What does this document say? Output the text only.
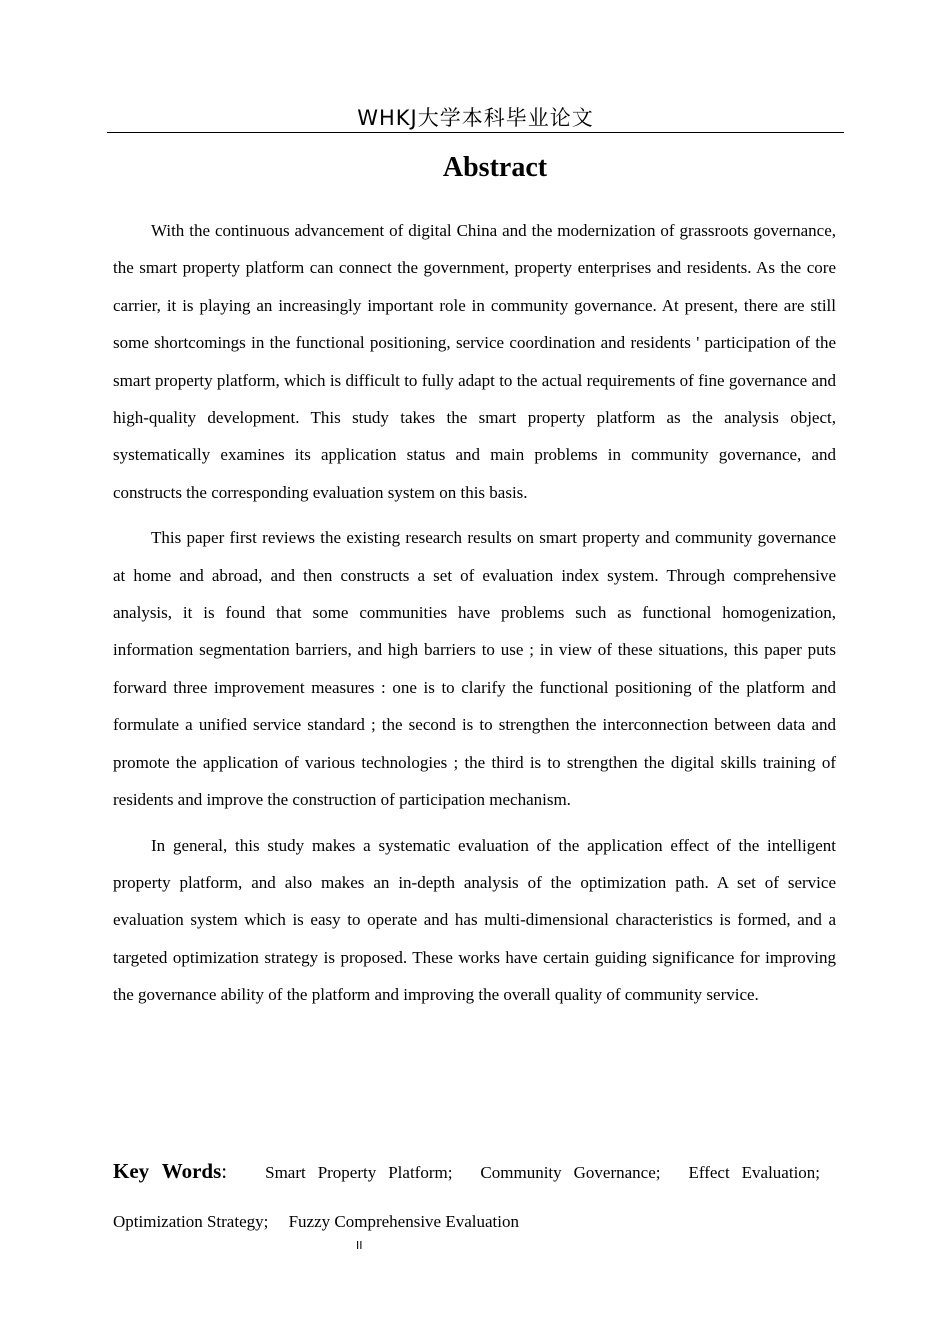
WHKJ大学本科毕业论文
Abstract

With the continuous advancement of digital China and the modernization of grassroots governance, the smart property platform can connect the government, property enterprises and residents. As the core carrier, it is playing an increasingly important role in community governance. At present, there are still some shortcomings in the functional positioning, service coordination and residents ' participation of the smart property platform, which is difficult to fully adapt to the actual requirements of fine governance and high-quality development. This study takes the smart property platform as the analysis object, systematically examines its application status and main problems in community governance, and constructs the corresponding evaluation system on this basis.

This paper first reviews the existing research results on smart property and community governance at home and abroad, and then constructs a set of evaluation index system. Through comprehensive analysis, it is found that some communities have problems such as functional homogenization, information segmentation barriers, and high barriers to use ; in view of these situations, this paper puts forward three improvement measures : one is to clarify the functional positioning of the platform and formulate a unified service standard ; the second is to strengthen the interconnection between data and promote the application of various technologies ; the third is to strengthen the digital skills training of residents and improve the construction of participation mechanism.

In general, this study makes a systematic evaluation of the application effect of the intelligent property platform, and also makes an in-depth analysis of the optimization path. A set of service evaluation system which is easy to operate and has multi-dimensional characteristics is formed, and a targeted optimization strategy is proposed. These works have certain guiding significance for improving the governance ability of the platform and improving the overall quality of community service.

Key Words: Smart Property Platform; Community Governance; Effect Evaluation; Optimization Strategy; Fuzzy Comprehensive Evaluation
II
